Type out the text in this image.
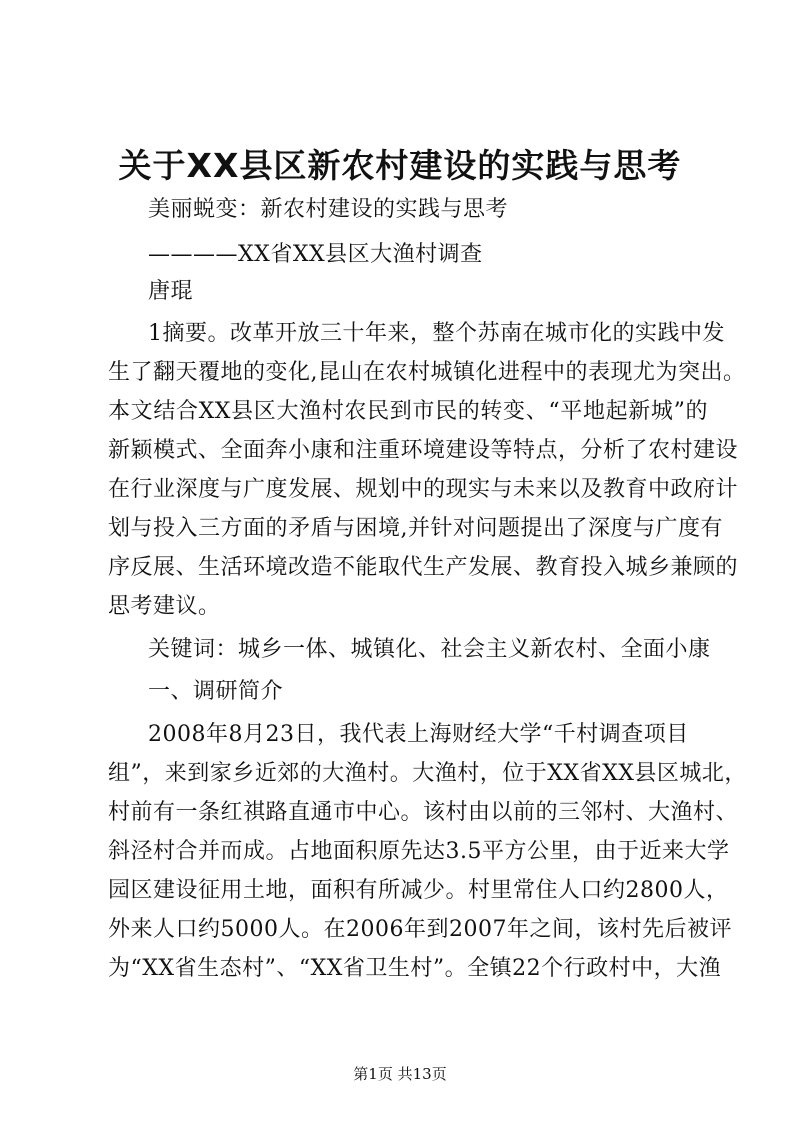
关于XX县区新农村建设的实践与思考
美丽蜕变：新农村建设的实践与思考
————XX省XX县区大渔村调查
唐琨
1摘要。改革开放三十年来，整个苏南在城市化的实践中发
生了翻天覆地的变化,昆山在农村城镇化进程中的表现尤为突出。
本文结合XX县区大渔村农民到市民的转变、“平地起新城”的
新颖模式、全面奔小康和注重环境建设等特点，分析了农村建设
在行业深度与广度发展、规划中的现实与未来以及教育中政府计
划与投入三方面的矛盾与困境,并针对问题提出了深度与广度有
序反展、生活环境改造不能取代生产发展、教育投入城乡兼顾的
思考建议。
关键词：城乡一体、城镇化、社会主义新农村、全面小康
一、调研简介
2008年8月23日，我代表上海财经大学“千村调查项目
组”，来到家乡近郊的大渔村。大渔村，位于XX省XX县区城北，
村前有一条红祺路直通市中心。该村由以前的三邻村、大渔村、
斜泾村合并而成。占地面积原先达3.5平方公里，由于近来大学
园区建设征用土地，面积有所减少。村里常住人口约2800人，
外来人口约5000人。在2006年到2007年之间，该村先后被评
为“XX省生态村”、“XX省卫生村”。全镇22个行政村中，大渔
第1页 共13页
